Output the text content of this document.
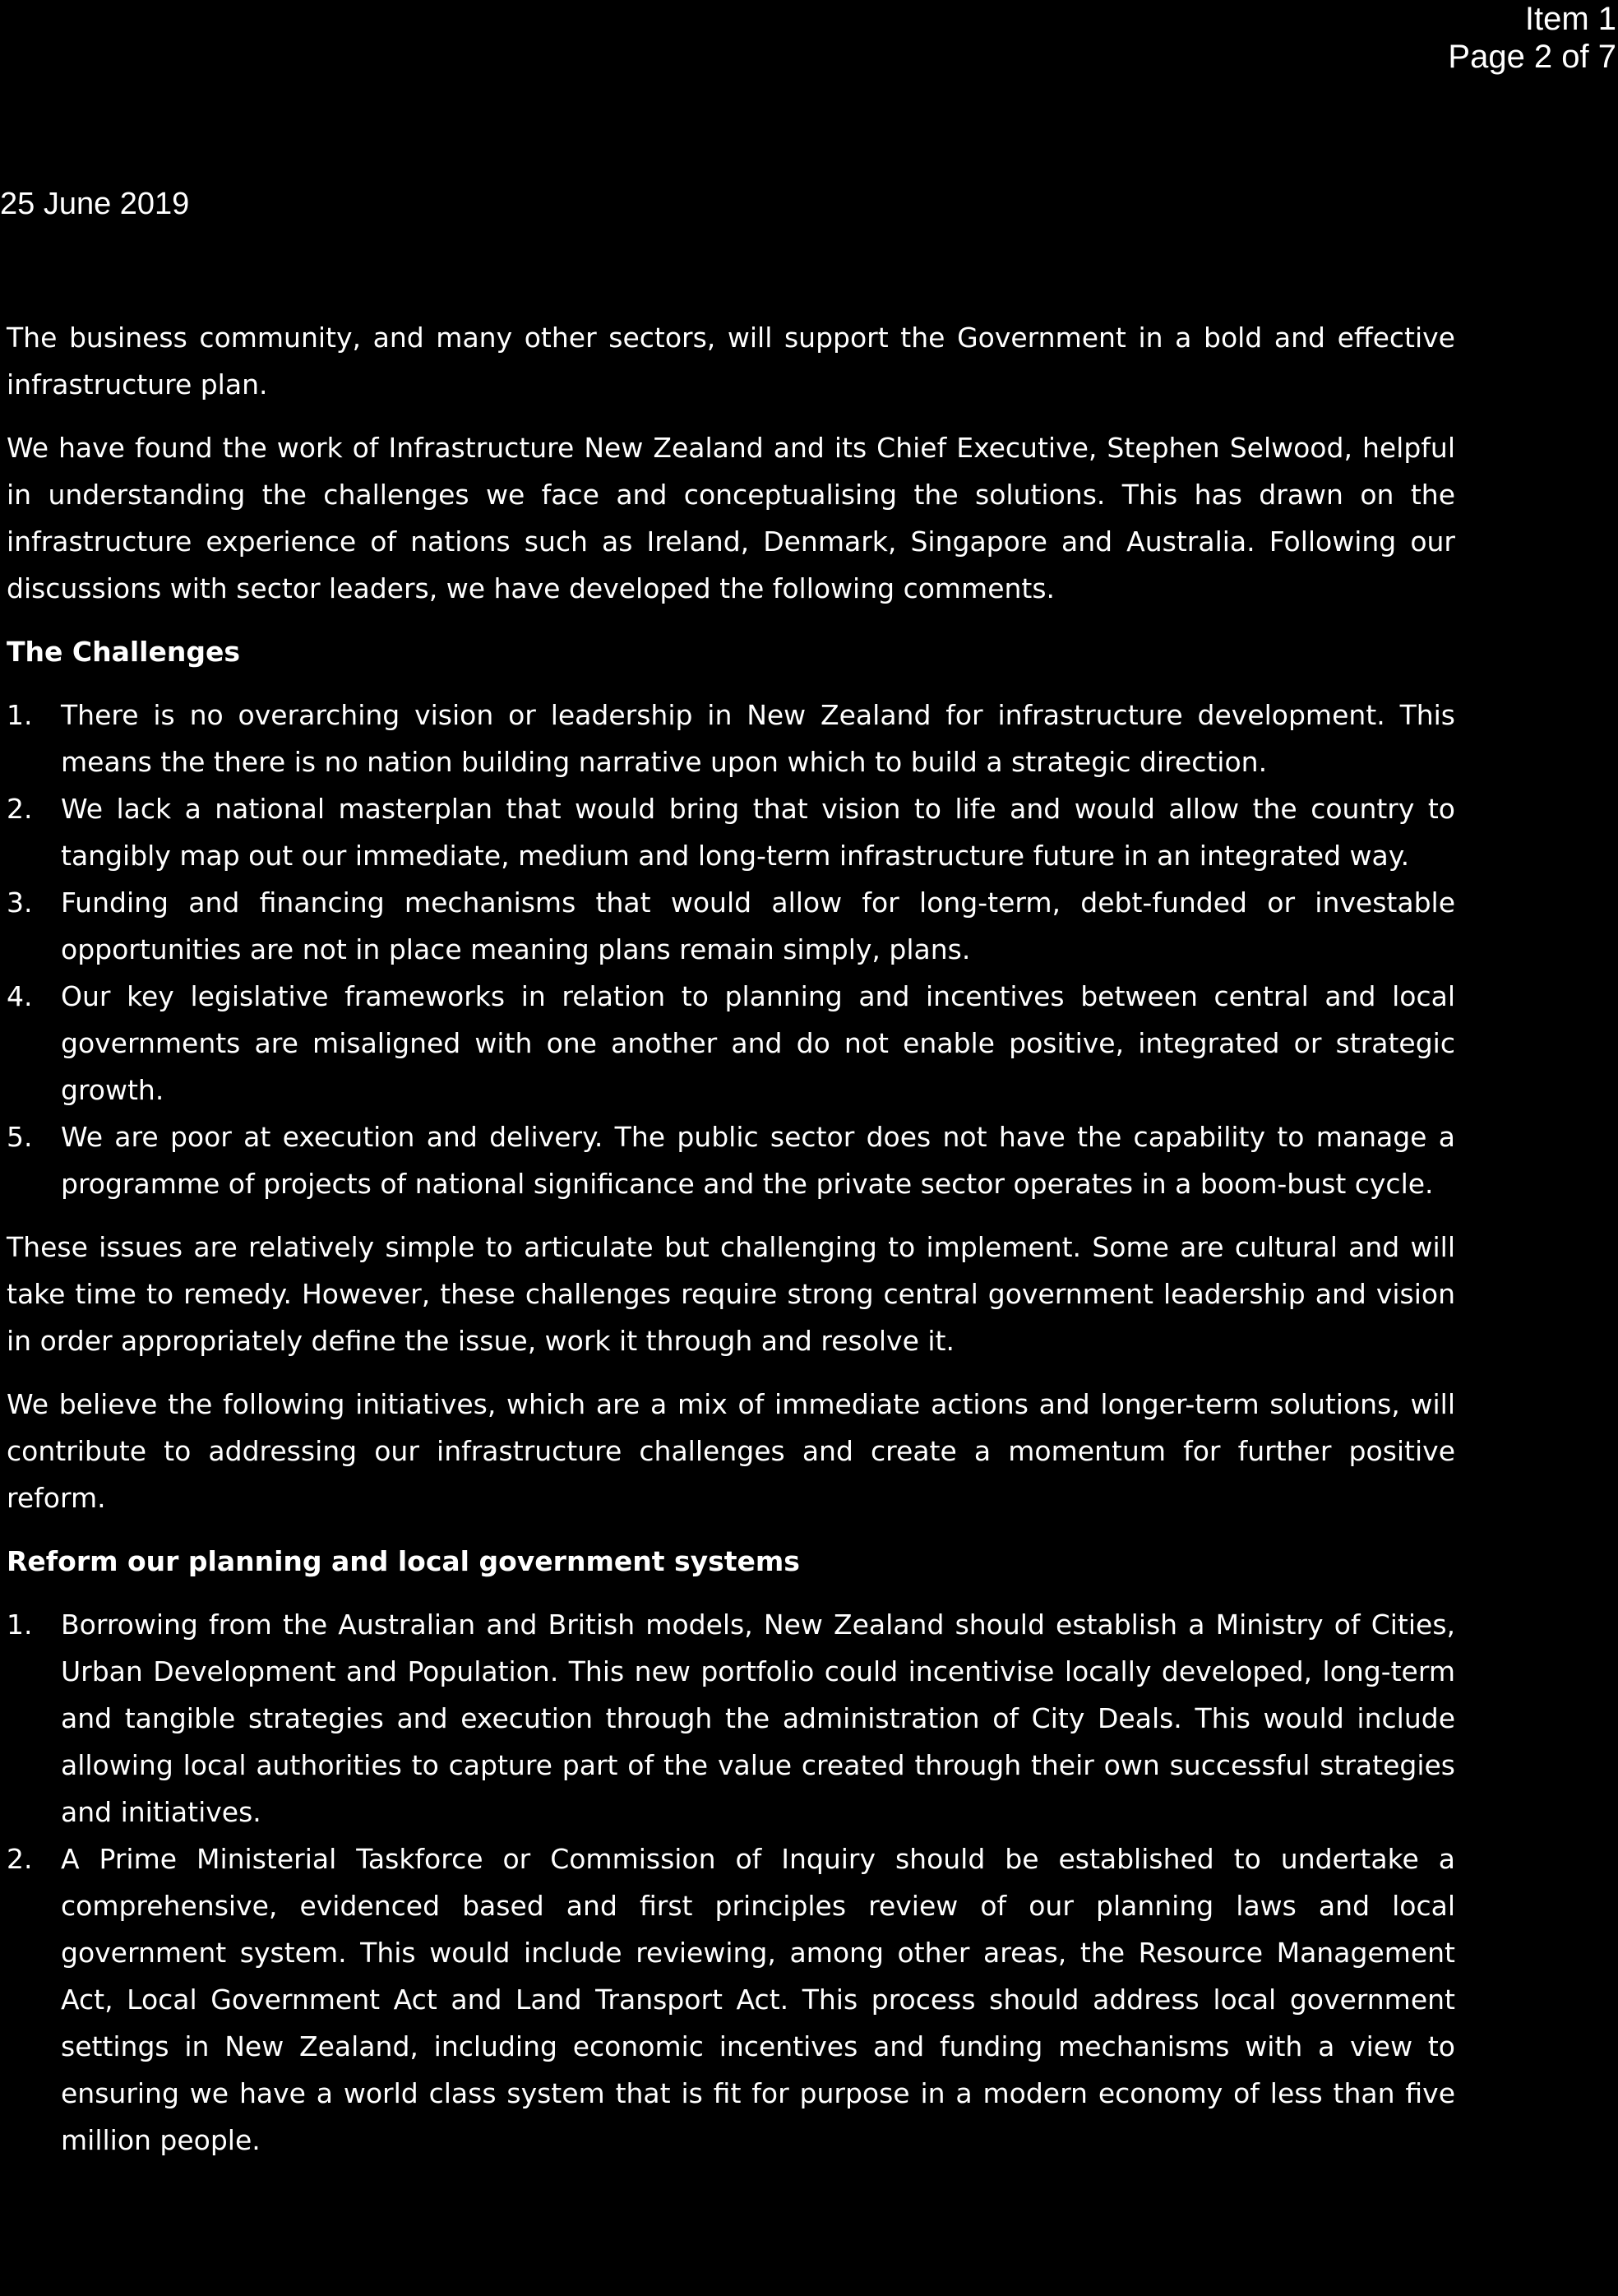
Item 1
Page 2 of 7
25 June 2019

The business community, and many other sectors, will support the Government in a bold and effective infrastructure plan.

We have found the work of Infrastructure New Zealand and its Chief Executive, Stephen Selwood, helpful in understanding the challenges we face and conceptualising the solutions. This has drawn on the infrastructure experience of nations such as Ireland, Denmark, Singapore and Australia. Following our discussions with sector leaders, we have developed the following comments.

The Challenges
1. There is no overarching vision or leadership in New Zealand for infrastructure development. This means the there is no nation building narrative upon which to build a strategic direction.
2. We lack a national masterplan that would bring that vision to life and would allow the country to tangibly map out our immediate, medium and long-term infrastructure future in an integrated way.
3. Funding and financing mechanisms that would allow for long-term, debt-funded or investable opportunities are not in place meaning plans remain simply, plans.
4. Our key legislative frameworks in relation to planning and incentives between central and local governments are misaligned with one another and do not enable positive, integrated or strategic growth.
5. We are poor at execution and delivery. The public sector does not have the capability to manage a programme of projects of national significance and the private sector operates in a boom-bust cycle.

These issues are relatively simple to articulate but challenging to implement. Some are cultural and will take time to remedy. However, these challenges require strong central government leadership and vision in order appropriately define the issue, work it through and resolve it.

We believe the following initiatives, which are a mix of immediate actions and longer-term solutions, will contribute to addressing our infrastructure challenges and create a momentum for further positive reform.

Reform our planning and local government systems
1. Borrowing from the Australian and British models, New Zealand should establish a Ministry of Cities, Urban Development and Population. This new portfolio could incentivise locally developed, long-term and tangible strategies and execution through the administration of City Deals. This would include allowing local authorities to capture part of the value created through their own successful strategies and initiatives.
2. A Prime Ministerial Taskforce or Commission of Inquiry should be established to undertake a comprehensive, evidenced based and first principles review of our planning laws and local government system. This would include reviewing, among other areas, the Resource Management Act, Local Government Act and Land Transport Act. This process should address local government settings in New Zealand, including economic incentives and funding mechanisms with a view to ensuring we have a world class system that is fit for purpose in a modern economy of less than five million people.
